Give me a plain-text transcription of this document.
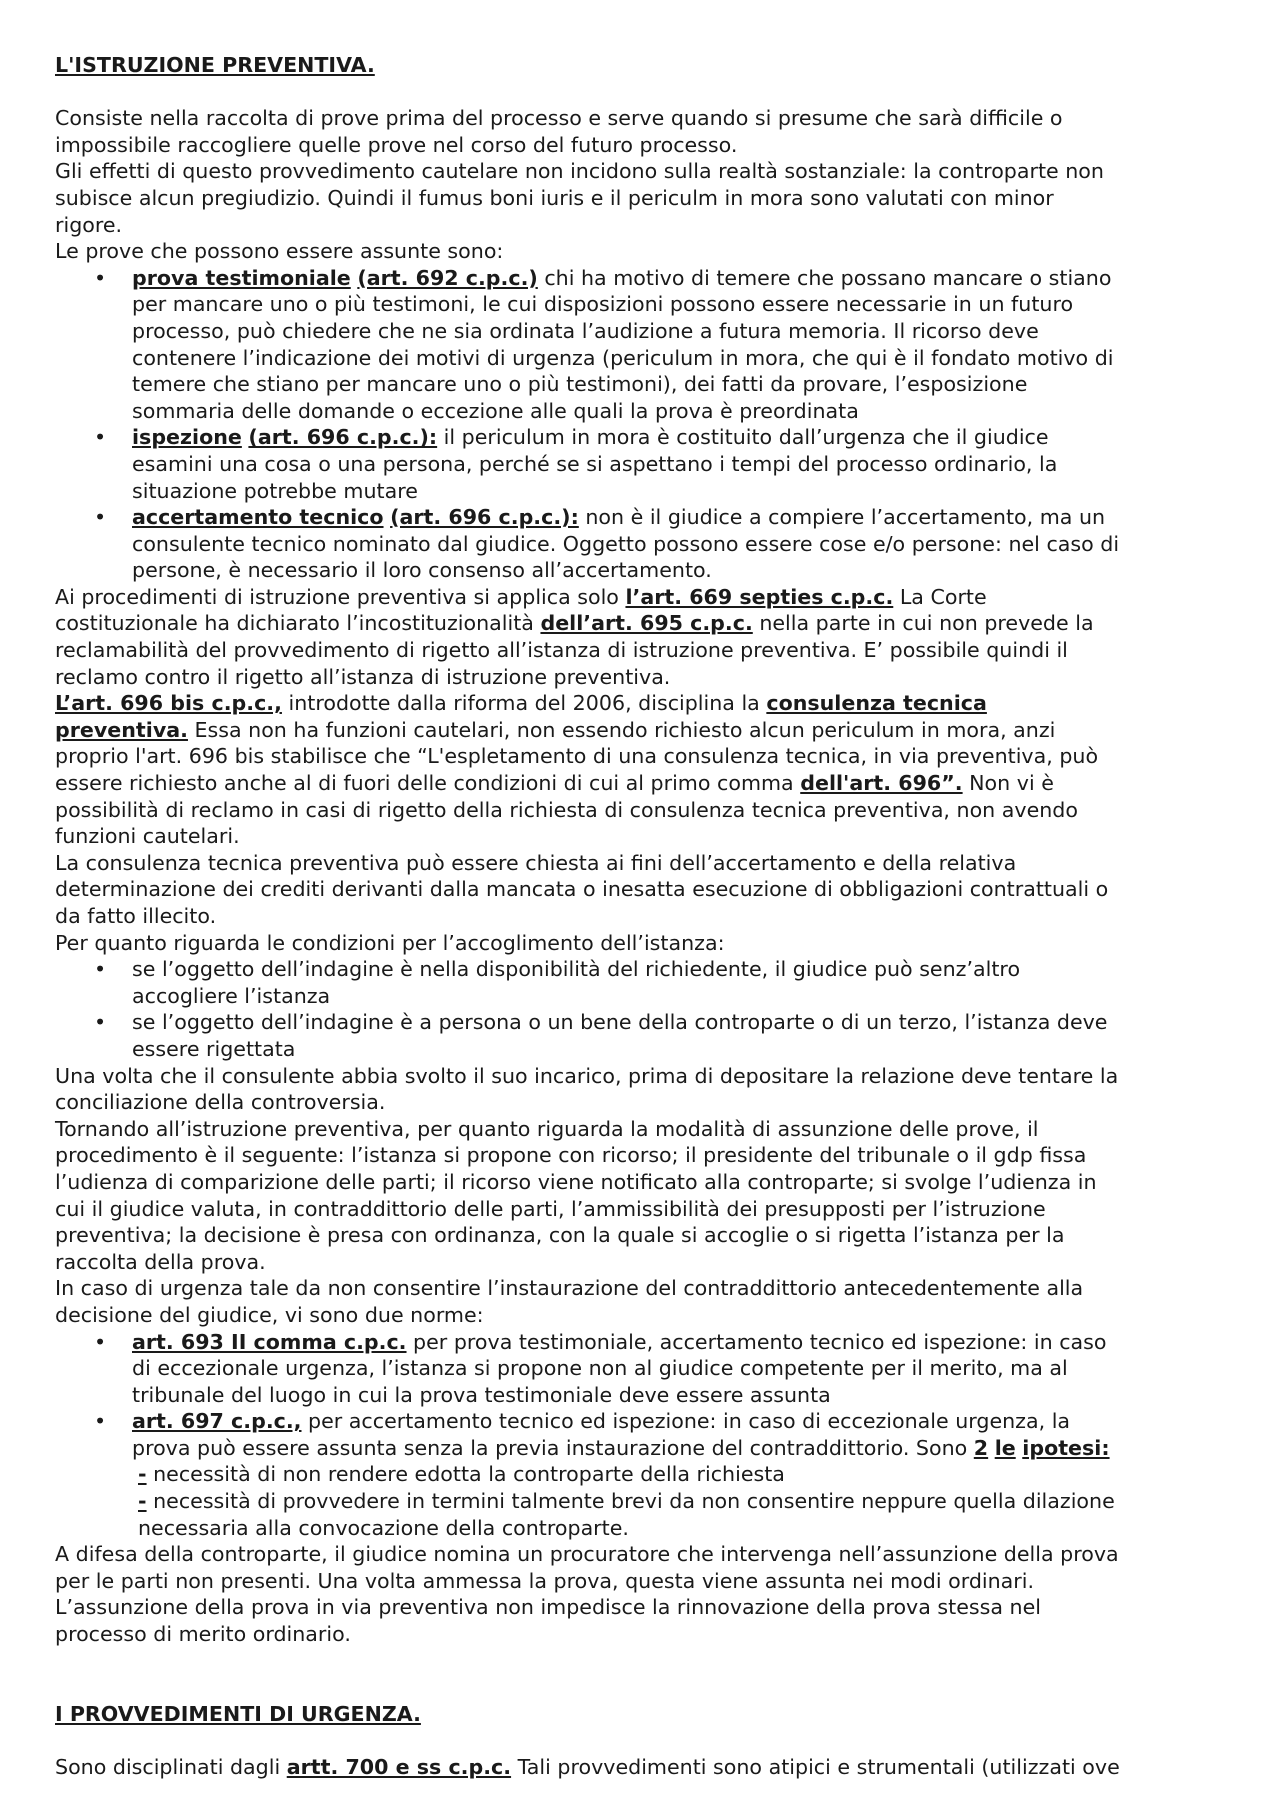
L'ISTRUZIONE PREVENTIVA.
Consiste nella raccolta di prove prima del processo e serve quando si presume che sarà difficile o
impossibile raccogliere quelle prove nel corso del futuro processo.
Gli effetti di questo provvedimento cautelare non incidono sulla realtà sostanziale: la controparte non
subisce alcun pregiudizio. Quindi il fumus boni iuris e il periculm in mora sono valutati con minor
rigore.
Le prove che possono essere assunte sono:
• prova testimoniale (art. 692 c.p.c.) chi ha motivo di temere che possano mancare o stiano
per mancare uno o più testimoni, le cui disposizioni possono essere necessarie in un futuro
processo, può chiedere che ne sia ordinata l’audizione a futura memoria. Il ricorso deve
contenere l’indicazione dei motivi di urgenza (periculum in mora, che qui è il fondato motivo di
temere che stiano per mancare uno o più testimoni), dei fatti da provare, l’esposizione
sommaria delle domande o eccezione alle quali la prova è preordinata
• ispezione (art. 696 c.p.c.): il periculum in mora è costituito dall’urgenza che il giudice
esamini una cosa o una persona, perché se si aspettano i tempi del processo ordinario, la
situazione potrebbe mutare
• accertamento tecnico (art. 696 c.p.c.): non è il giudice a compiere l’accertamento, ma un
consulente tecnico nominato dal giudice. Oggetto possono essere cose e/o persone: nel caso di
persone, è necessario il loro consenso all’accertamento.
Ai procedimenti di istruzione preventiva si applica solo l’art. 669 septies c.p.c. La Corte
costituzionale ha dichiarato l’incostituzionalità dell’art. 695 c.p.c. nella parte in cui non prevede la
reclamabilità del provvedimento di rigetto all’istanza di istruzione preventiva. E’ possibile quindi il
reclamo contro il rigetto all’istanza di istruzione preventiva.
L’art. 696 bis c.p.c., introdotte dalla riforma del 2006, disciplina la consulenza tecnica
preventiva. Essa non ha funzioni cautelari, non essendo richiesto alcun periculum in mora, anzi
proprio l'art. 696 bis stabilisce che “L'espletamento di una consulenza tecnica, in via preventiva, può
essere richiesto anche al di fuori delle condizioni di cui al primo comma dell'art. 696”. Non vi è
possibilità di reclamo in casi di rigetto della richiesta di consulenza tecnica preventiva, non avendo
funzioni cautelari.
La consulenza tecnica preventiva può essere chiesta ai fini dell’accertamento e della relativa
determinazione dei crediti derivanti dalla mancata o inesatta esecuzione di obbligazioni contrattuali o
da fatto illecito.
Per quanto riguarda le condizioni per l’accoglimento dell’istanza:
• se l’oggetto dell’indagine è nella disponibilità del richiedente, il giudice può senz’altro
accogliere l’istanza
• se l’oggetto dell’indagine è a persona o un bene della controparte o di un terzo, l’istanza deve
essere rigettata
Una volta che il consulente abbia svolto il suo incarico, prima di depositare la relazione deve tentare la
conciliazione della controversia.
Tornando all’istruzione preventiva, per quanto riguarda la modalità di assunzione delle prove, il
procedimento è il seguente: l’istanza si propone con ricorso; il presidente del tribunale o il gdp fissa
l’udienza di comparizione delle parti; il ricorso viene notificato alla controparte; si svolge l’udienza in
cui il giudice valuta, in contraddittorio delle parti, l’ammissibilità dei presupposti per l’istruzione
preventiva; la decisione è presa con ordinanza, con la quale si accoglie o si rigetta l’istanza per la
raccolta della prova.
In caso di urgenza tale da non consentire l’instaurazione del contraddittorio antecedentemente alla
decisione del giudice, vi sono due norme:
• art. 693 II comma c.p.c. per prova testimoniale, accertamento tecnico ed ispezione: in caso
di eccezionale urgenza, l’istanza si propone non al giudice competente per il merito, ma al
tribunale del luogo in cui la prova testimoniale deve essere assunta
• art. 697 c.p.c., per accertamento tecnico ed ispezione: in caso di eccezionale urgenza, la
prova può essere assunta senza la previa instaurazione del contraddittorio. Sono 2 le ipotesi:
- necessità di non rendere edotta la controparte della richiesta
- necessità di provvedere in termini talmente brevi da non consentire neppure quella dilazione
necessaria alla convocazione della controparte.
A difesa della controparte, il giudice nomina un procuratore che intervenga nell’assunzione della prova
per le parti non presenti. Una volta ammessa la prova, questa viene assunta nei modi ordinari.
L’assunzione della prova in via preventiva non impedisce la rinnovazione della prova stessa nel
processo di merito ordinario.
I PROVVEDIMENTI DI URGENZA.
Sono disciplinati dagli artt. 700 e ss c.p.c. Tali provvedimenti sono atipici e strumentali (utilizzati ove
